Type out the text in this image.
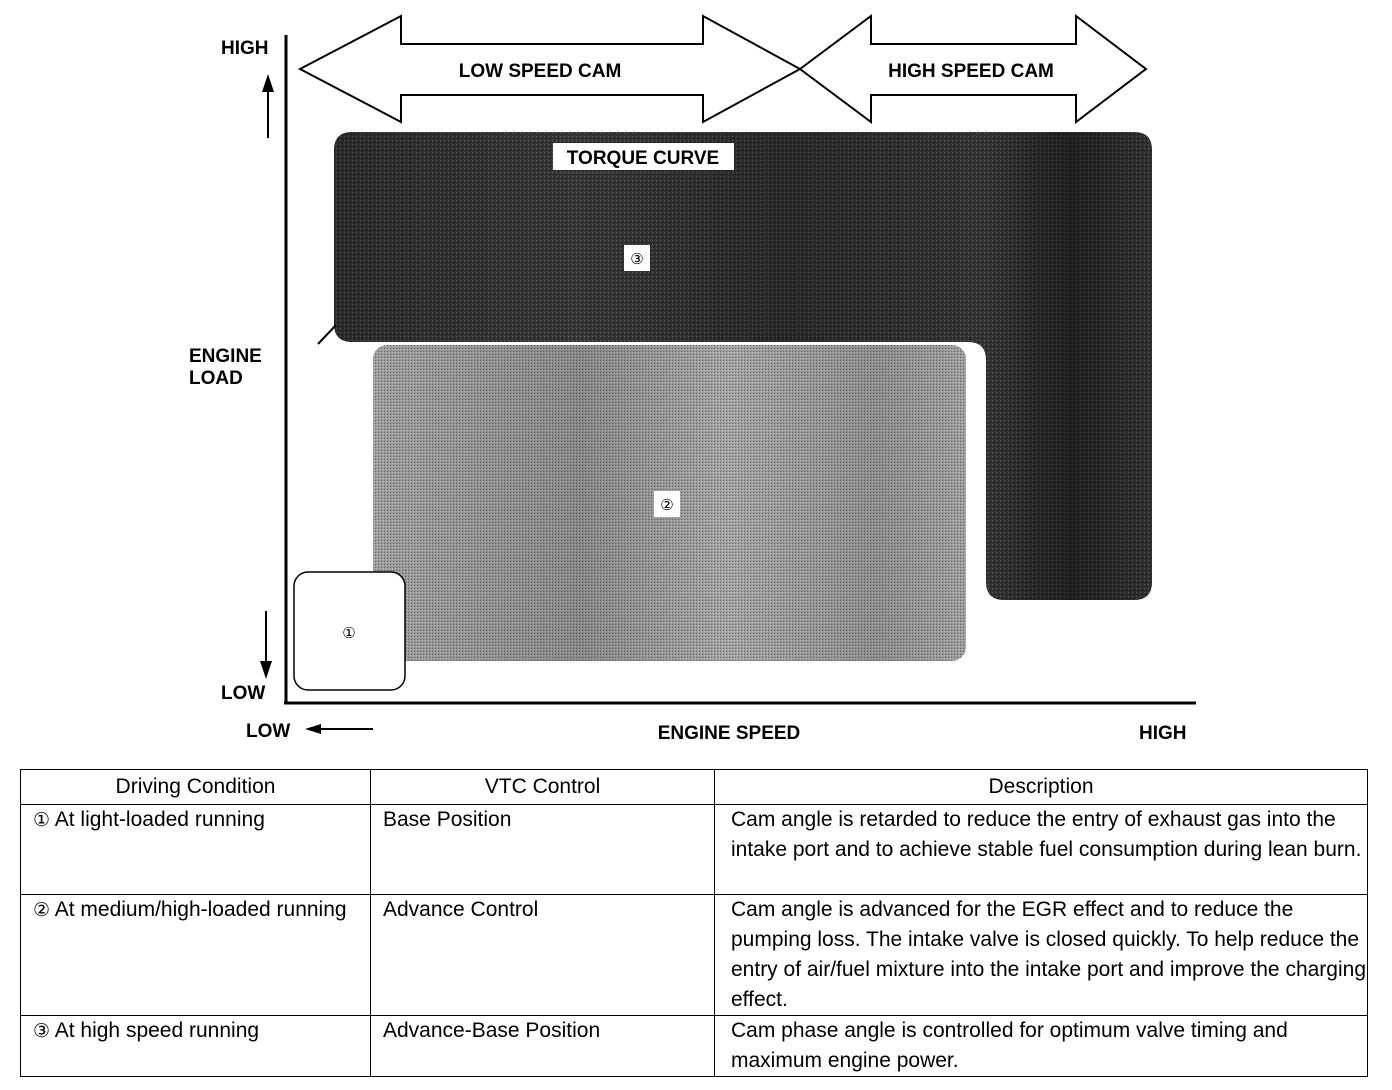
LOW SPEED CAM	HIGH SPEED CAM
TORQUE CURVE
③
②
①
HIGH
ENGINE
LOAD
LOW
LOW	ENGINE SPEED	HIGH
Driving Condition	VTC Control	Description
① At light-loaded running	Base Position	Cam angle is retarded to reduce the entry of exhaust gas into the intake port and to achieve stable fuel consumption during lean burn.
② At medium/high-loaded running	Advance Control	Cam angle is advanced for the EGR effect and to reduce the pumping loss. The intake valve is closed quickly. To help reduce the entry of air/fuel mixture into the intake port and improve the charging effect.
③ At high speed running	Advance-Base Position	Cam phase angle is controlled for optimum valve timing and maximum engine power.
